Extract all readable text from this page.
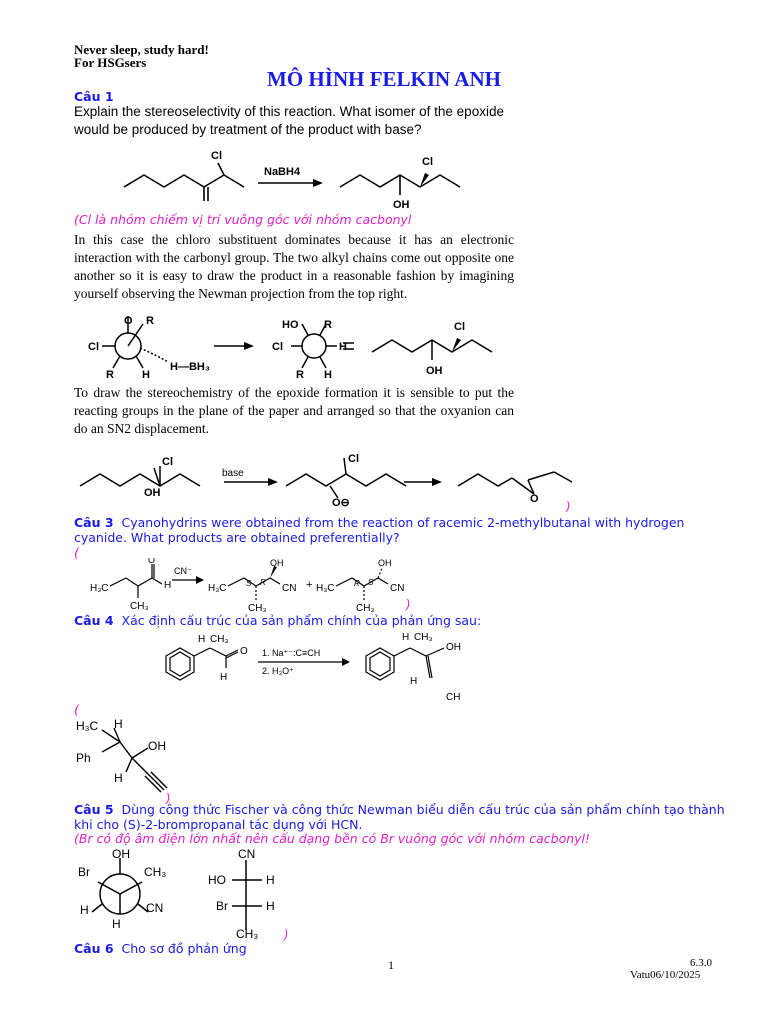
Never sleep, study hard!
For HSGsers
MÔ HÌNH FELKIN ANH
Câu 1
Explain the stereoselectivity of this reaction. What isomer of the epoxide would be produced by treatment of the product with base?
Cl	Cl
OH
NaBH4
(Cl là nhóm chiếm vị trí vuông góc với nhóm cacbonyl
In this case the chloro substituent dominates because it has an electronic interaction with the carbonyl group. The two alkyl chains come out opposite one another so it is easy to draw the product in a reasonable fashion by imagining yourself observing the Newman projection from the top right.
O R
Cl
R	H
H—BH₃
HO R
Cl	H
R H
Cl
OH
To draw the stereochemistry of the epoxide formation it is sensible to put the reacting groups in the plane of the paper and arranged so that the oxyanion can do an SN2 displacement.
Cl
OH
base
Cl
O⊖	O )
Câu 3 Cyanohydrins were obtained from the reaction of racemic 2-methylbutanal with hydrogen cyanide. What products are obtained preferentially?
(
H₃C
CH₃
H
O
CN⁻
H₃C
CH₃
OH
CN
R
S	+ H₃C
CH₃
OH
CN
S
R
)
Câu 4 Xác định cấu trúc của sản phẩm chính của phản ứng sau:
H CH₃
O
H
1. Na⁺⁻:C≡CH
2. H₃O⁺
H CH₃
OH
H
CH
(
H₃C H
Ph
OH
H
)
Câu 5 Dùng công thức Fischer và công thức Newman biểu diễn cấu trúc của sản phẩm chính tạo thành khi cho (S)-2-brompropanal tác dụng với HCN.
(Br có độ âm điện lớn nhất nên cấu dạng bền có Br vuông góc với nhóm cacbonyl!
OH
Br	CH₃
H
H
CN
CN
HO	H
Br	H
CH₃ )
Câu 6 Cho sơ đồ phản ứng
1	6.3.0
Vatu06/10/2025
